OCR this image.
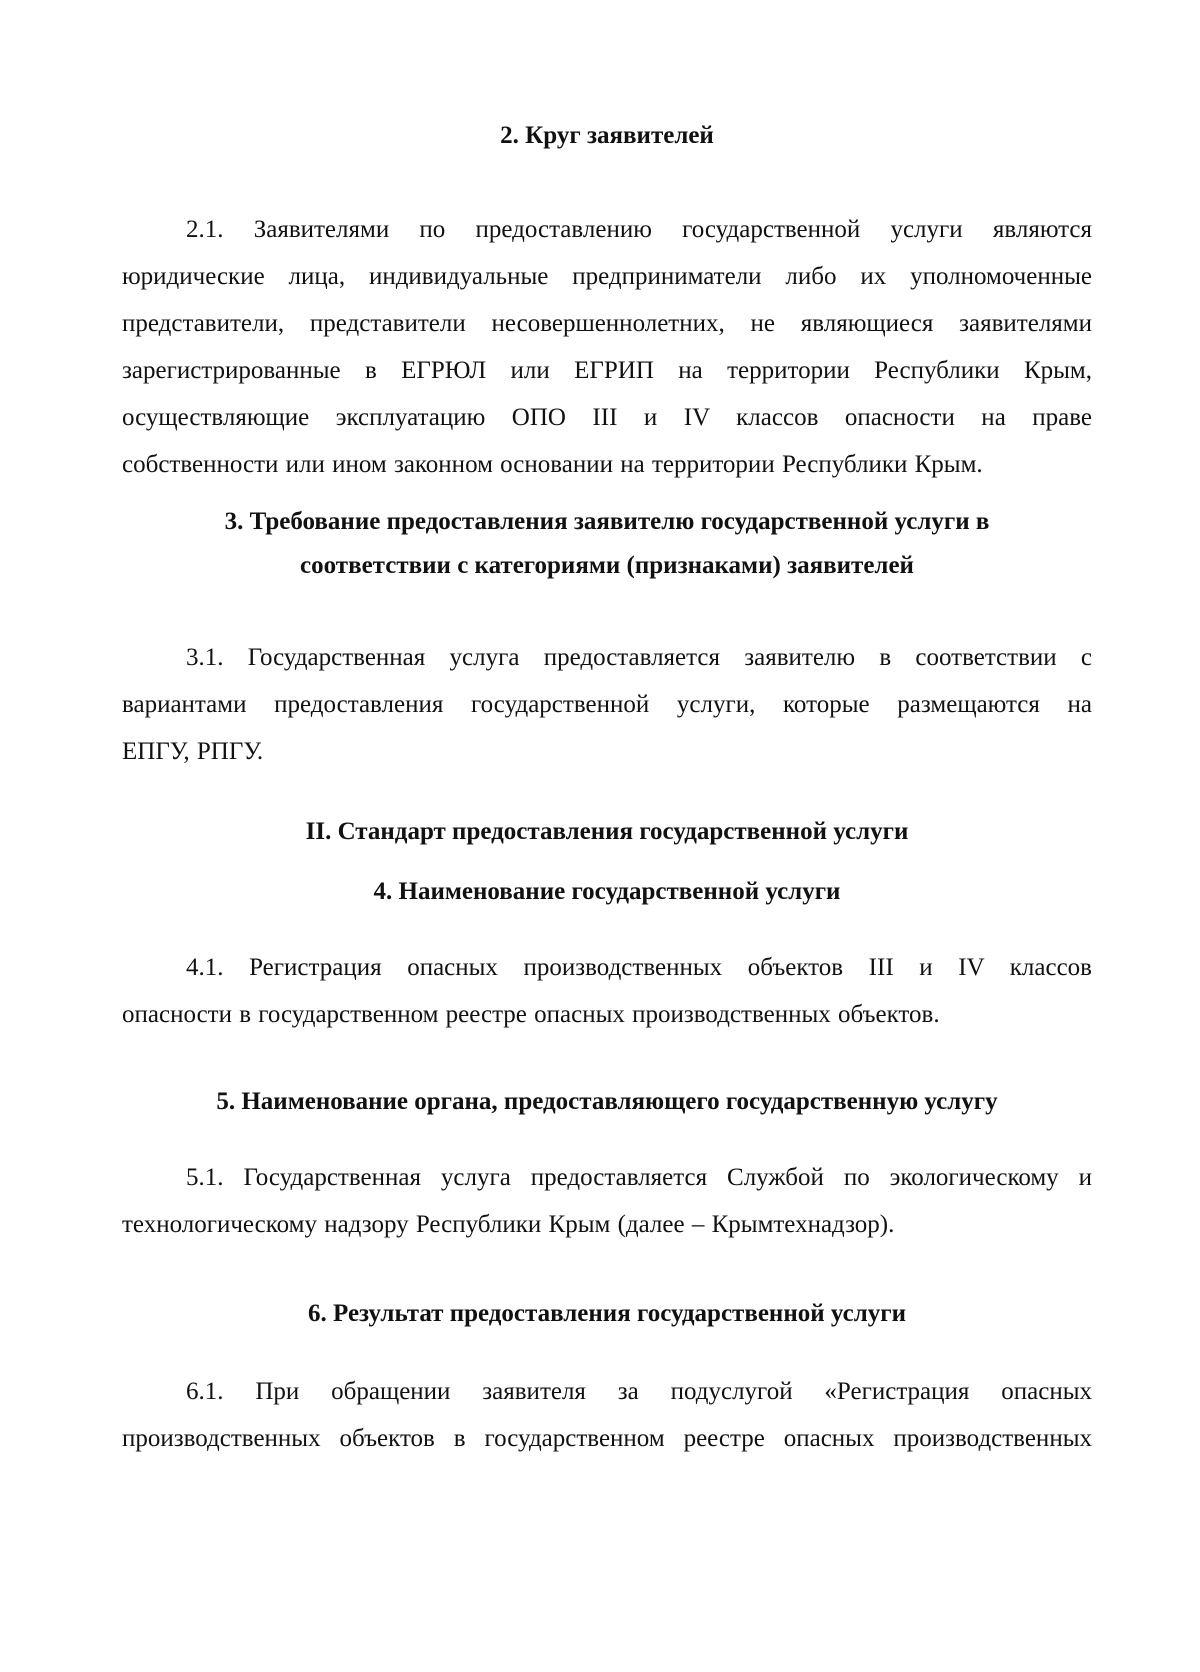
2. Круг заявителей
2.1. Заявителями по предоставлению государственной услуги являются
юридические лица, индивидуальные предприниматели либо их уполномоченные
представители, представители несовершеннолетних, не являющиеся заявителями
зарегистрированные в ЕГРЮЛ или ЕГРИП на территории Республики Крым,
осуществляющие эксплуатацию ОПО III и IV классов опасности на праве
собственности или ином законном основании на территории Республики Крым.
3. Требование предоставления заявителю государственной услуги в
соответствии с категориями (признаками) заявителей
3.1. Государственная услуга предоставляется заявителю в соответствии с
вариантами предоставления государственной услуги, которые размещаются на
ЕПГУ, РПГУ.
II. Стандарт предоставления государственной услуги
4. Наименование государственной услуги
4.1. Регистрация опасных производственных объектов III и IV классов
опасности в государственном реестре опасных производственных объектов.
5. Наименование органа, предоставляющего государственную услугу
5.1. Государственная услуга предоставляется Службой по экологическому и
технологическому надзору Республики Крым (далее – Крымтехнадзор).
6. Результат предоставления государственной услуги
6.1. При обращении заявителя за подуслугой «Регистрация опасных
производственных объектов в государственном реестре опасных производственных
